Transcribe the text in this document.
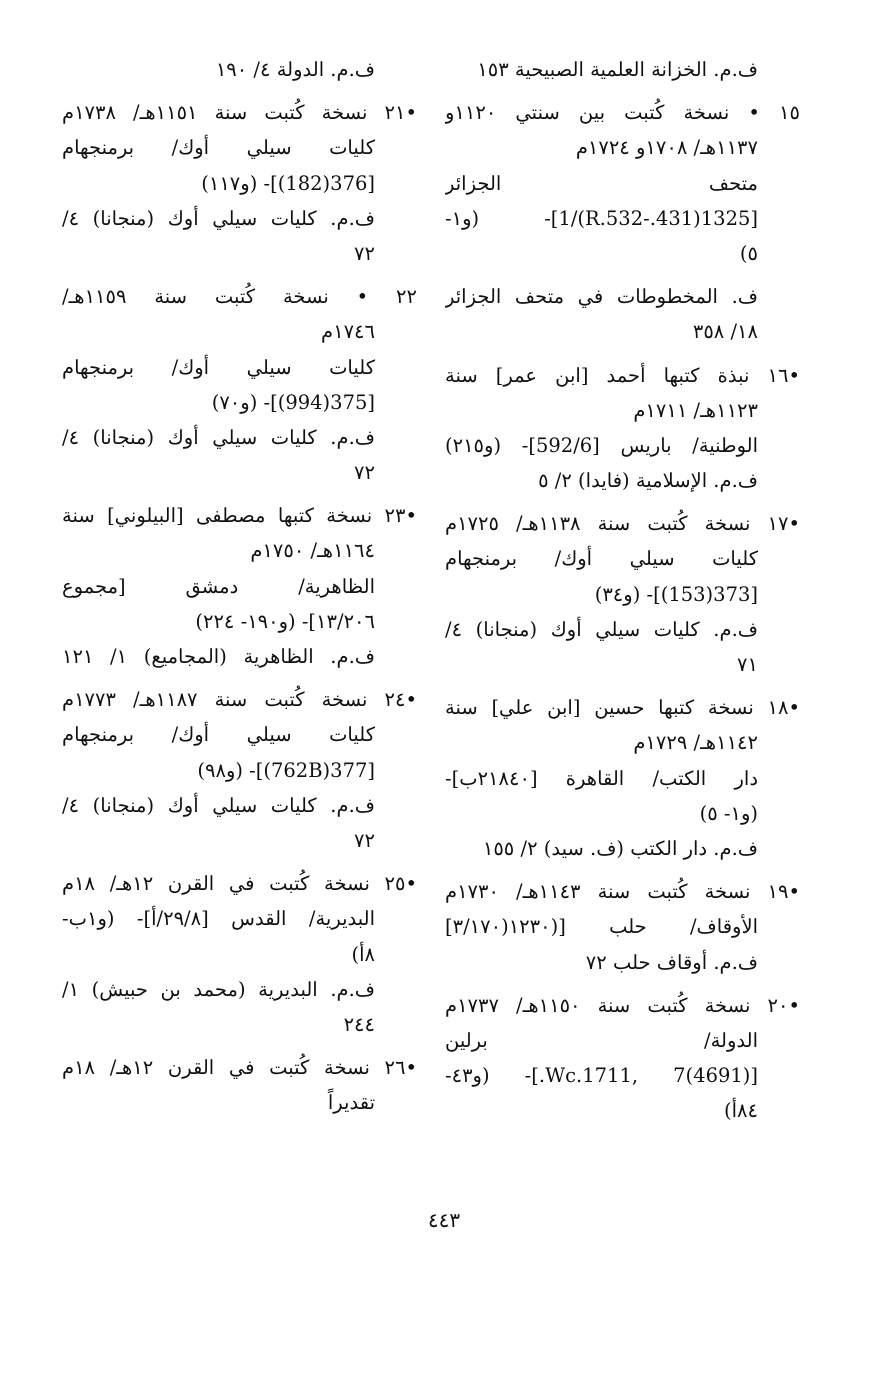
ف.م. الخزانة العلمية الصبيحية ١٥٣
١٥ • نسخة كُتبت بين سنتي ١١٢٠و
١١٣٧هـ/ ١٧٠٨و ١٧٢٤م
متحف الجزائر
[1325(431.-R.532)/1]- (و١-
٥)
ف. المخطوطات في متحف الجزائر
١٨/ ٣٥٨
•١٦ نبذة كتبها أحمد [ابن عمر] سنة
١١٢٣هـ/ ١٧١١م
الوطنية/ باريس [592/6]- (و٢١٥)
ف.م. الإسلامية (فايدا) ٢/ ٥
•١٧ نسخة كُتبت سنة ١١٣٨هـ/ ١٧٢٥م
كليات سيلي أوك/ برمنجهام
[373(153)]- (و٣٤)
ف.م. كليات سيلي أوك (منجانا) ٤/
٧١
•١٨ نسخة كتبها حسين [ابن علي] سنة
١١٤٢هـ/ ١٧٢٩م
دار الكتب/ القاهرة [٢١٨٤٠ب]-
(و١- ٥)
ف.م. دار الكتب (ف. سيد) ٢/ ١٥٥
•١٩ نسخة كُتبت سنة ١١٤٣هـ/ ١٧٣٠م
الأوقاف/ حلب [(١٢٣٠(٣/١٧٠]
ف.م. أوقاف حلب ٧٢
•٢٠ نسخة كُتبت سنة ١١٥٠هـ/ ١٧٣٧م
الدولة/ برلين
[(4691)Wc.1711, 7.]- (و٤٣-
٨٤أ)
ف.م. الدولة ٤/ ١٩٠
•٢١ نسخة كُتبت سنة ١١٥١هـ/ ١٧٣٨م
كليات سيلي أوك/ برمنجهام
[376(182)]- (و١١٧)
ف.م. كليات سيلي أوك (منجانا) ٤/
٧٢
٢٢ • نسخة كُتبت سنة ١١٥٩هـ/
١٧٤٦م
كليات سيلي أوك/ برمنجهام
[375(994)]- (و٧٠)
ف.م. كليات سيلي أوك (منجانا) ٤/
٧٢
•٢٣ نسخة كتبها مصطفى [البيلوني] سنة
١١٦٤هـ/ ١٧٥٠م
الظاهرية/ دمشق [مجموع
١٣/٢٠٦]- (و١٩٠- ٢٢٤)
ف.م. الظاهرية (المجاميع) ١/ ١٢١
•٢٤ نسخة كُتبت سنة ١١٨٧هـ/ ١٧٧٣م
كليات سيلي أوك/ برمنجهام
[377(762B)]- (و٩٨)
ف.م. كليات سيلي أوك (منجانا) ٤/
٧٢
•٢٥ نسخة كُتبت في القرن ١٢هـ/ ١٨م
البديرية/ القدس [٢٩/٨/أ]- (و١ب-
٨أ)
ف.م. البديرية (محمد بن حبيش) ١/
٢٤٤
•٢٦ نسخة كُتبت في القرن ١٢هـ/ ١٨م
تقديراً
٤٤٣
